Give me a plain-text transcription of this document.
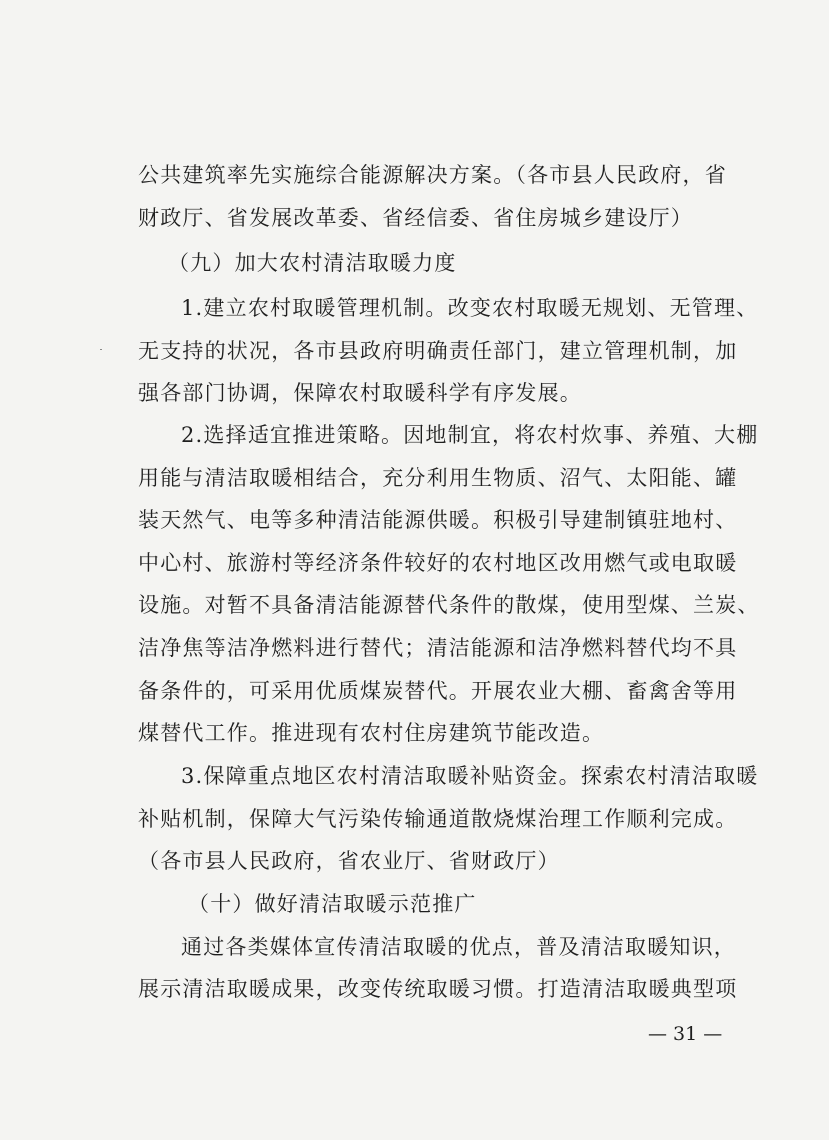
公共建筑率先实施综合能源解决方案。（各市县人民政府，省
财政厅、省发展改革委、省经信委、省住房城乡建设厅）
（九）加大农村清洁取暖力度
1.建立农村取暖管理机制。改变农村取暖无规划、无管理、
无支持的状况，各市县政府明确责任部门，建立管理机制，加
强各部门协调，保障农村取暖科学有序发展。
2.选择适宜推进策略。因地制宜，将农村炊事、养殖、大棚
用能与清洁取暖相结合，充分利用生物质、沼气、太阳能、罐
装天然气、电等多种清洁能源供暖。积极引导建制镇驻地村、
中心村、旅游村等经济条件较好的农村地区改用燃气或电取暖
设施。对暂不具备清洁能源替代条件的散煤，使用型煤、兰炭、
洁净焦等洁净燃料进行替代；清洁能源和洁净燃料替代均不具
备条件的，可采用优质煤炭替代。开展农业大棚、畜禽舍等用
煤替代工作。推进现有农村住房建筑节能改造。
3.保障重点地区农村清洁取暖补贴资金。探索农村清洁取暖
补贴机制，保障大气污染传输通道散烧煤治理工作顺利完成。
（各市县人民政府，省农业厅、省财政厅）
（十）做好清洁取暖示范推广
通过各类媒体宣传清洁取暖的优点，普及清洁取暖知识，
展示清洁取暖成果，改变传统取暖习惯。打造清洁取暖典型项
— 31 —
